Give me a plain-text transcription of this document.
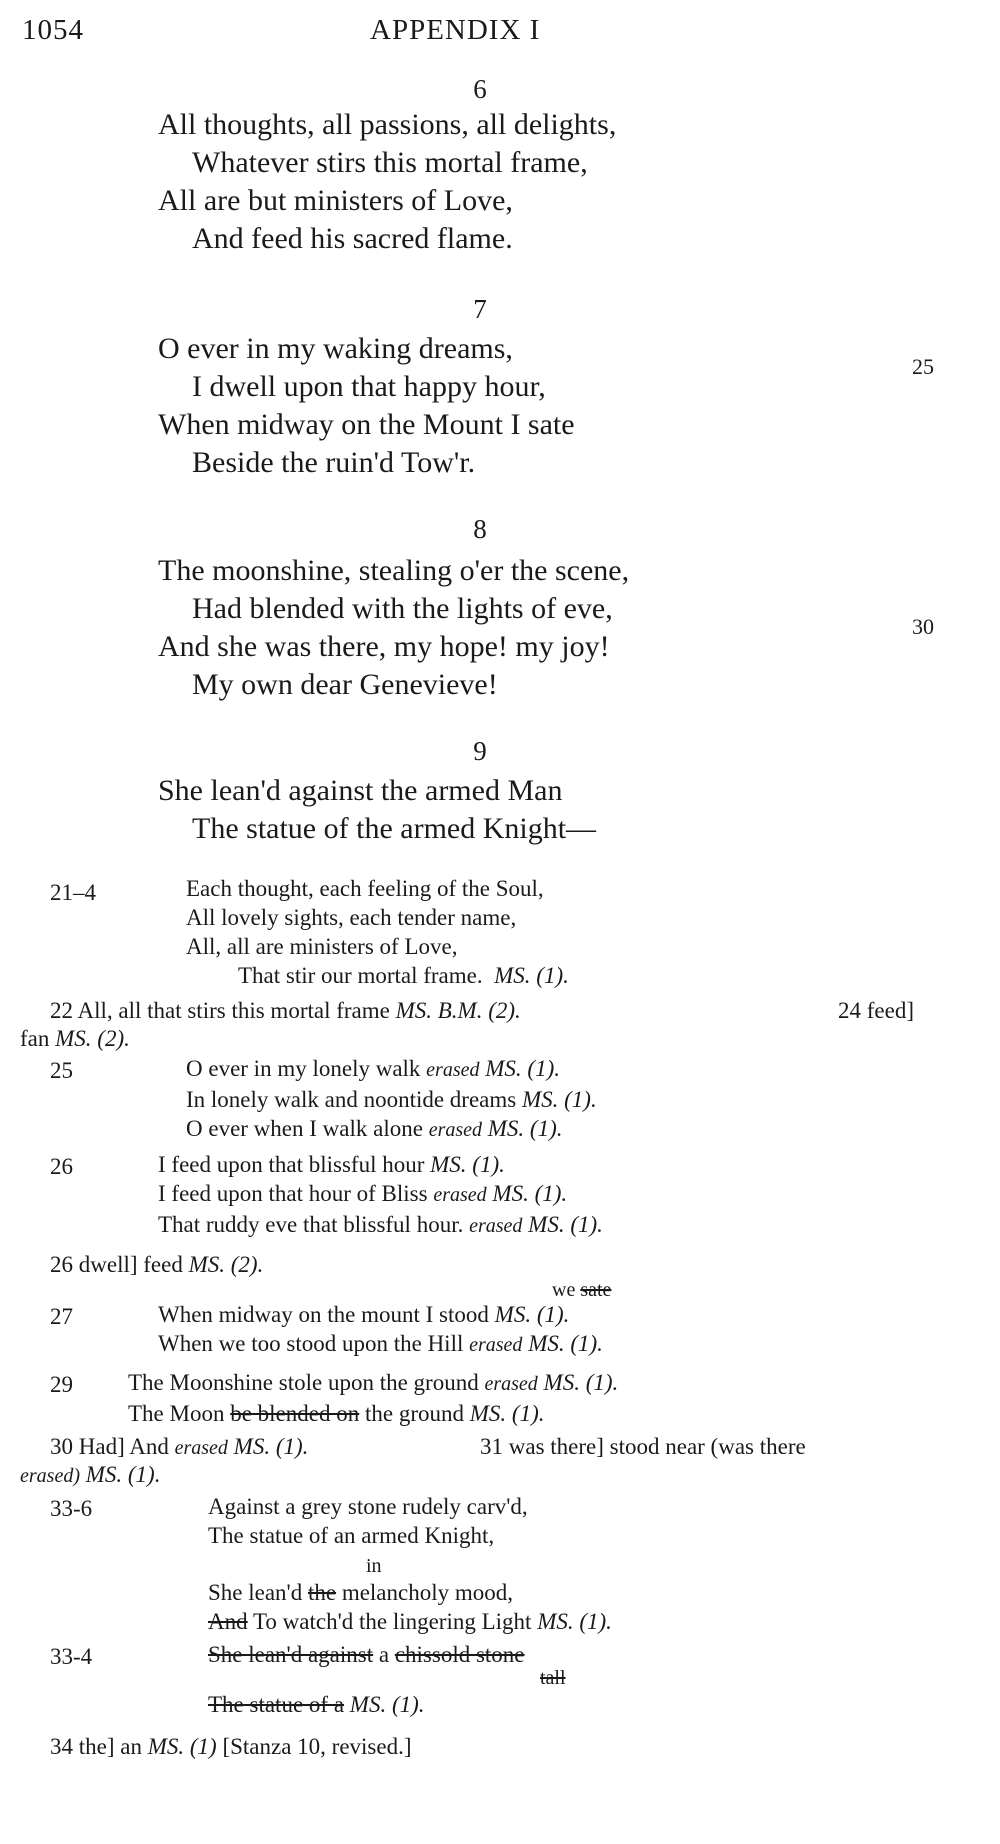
1054	APPENDIX I
6
All thoughts, all passions, all delights,
Whatever stirs this mortal frame,
All are but ministers of Love,
And feed his sacred flame.
7
O ever in my waking dreams,
25
I dwell upon that happy hour,
When midway on the Mount I sate
Beside the ruin'd Tow'r.
8
The moonshine, stealing o'er the scene,
Had blended with the lights of eve,
30
And she was there, my hope! my joy!
My own dear Genevieve!
9
She lean'd against the armed Man
The statue of the armed Knight—
21–4	Each thought, each feeling of the Soul,
All lovely sights, each tender name,
All, all are ministers of Love,
That stir our mortal frame. MS. (1).
22 All, all that stirs this mortal frame MS. B.M. (2).	24 feed]
fan MS. (2).
25	O ever in my lonely walk erased MS. (1).
In lonely walk and noontide dreams MS. (1).
O ever when I walk alone erased MS. (1).
26	I feed upon that blissful hour MS. (1).
I feed upon that hour of Bliss erased MS. (1).
That ruddy eve that blissful hour. erased MS. (1).
26 dwell] feed MS. (2).
we sate
27	When midway on the mount I stood MS. (1).
When we too stood upon the Hill erased MS. (1).
29 The Moonshine stole upon the ground erased MS. (1).
The Moon be blended on the ground MS. (1).
30 Had] And erased MS. (1).	31 was there] stood near (was there
erased) MS. (1).
33-6	Against a grey stone rudely carv'd,
The statue of an armed Knight,
in
She lean'd the melancholy mood,
And To watch'd the lingering Light MS. (1).
33-4	She lean'd against a chissold stone
tall
The statue of a MS. (1).
34 the] an MS. (1) [Stanza 10, revised.]
